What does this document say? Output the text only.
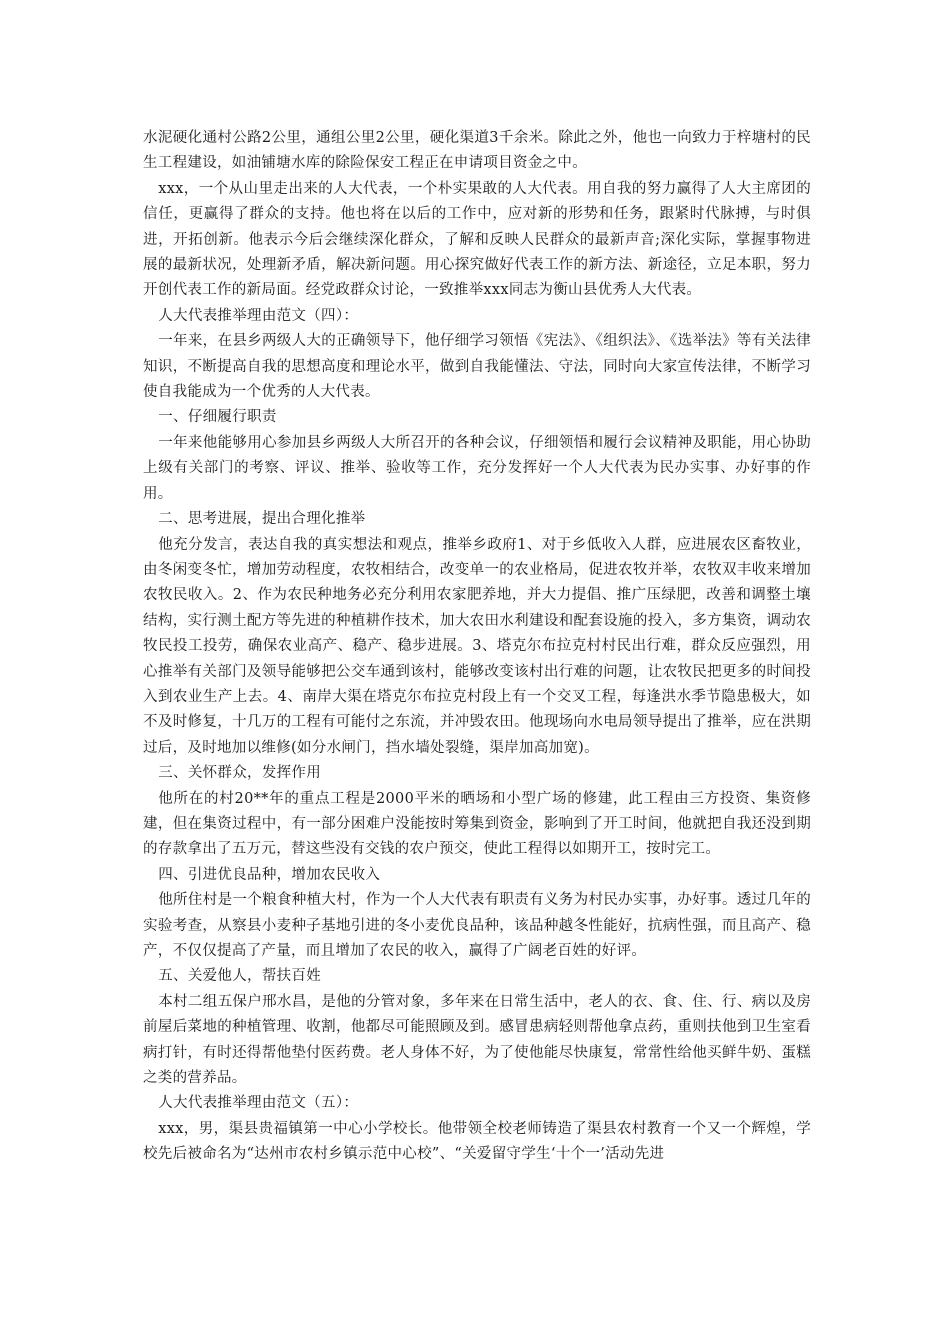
水泥硬化通村公路2公里，通组公里2公里，硬化渠道3千余米。除此之外，他也一向致力于梓塘村的民生工程建设，如油铺塘水库的除险保安工程正在申请项目资金之中。

xxx，一个从山里走出来的人大代表，一个朴实果敢的人大代表。用自我的努力赢得了人大主席团的信任，更赢得了群众的支持。他也将在以后的工作中，应对新的形势和任务，跟紧时代脉搏，与时俱进，开拓创新。他表示今后会继续深化群众，了解和反映人民群众的最新声音;深化实际，掌握事物进展的最新状况，处理新矛盾，解决新问题。用心探究做好代表工作的新方法、新途径，立足本职，努力开创代表工作的新局面。经党政群众讨论，一致推举xxx同志为衡山县优秀人大代表。

人大代表推举理由范文（四）：

一年来，在县乡两级人大的正确领导下，他仔细学习领悟《宪法》、《组织法》、《选举法》等有关法律知识，不断提高自我的思想高度和理论水平，做到自我能懂法、守法，同时向大家宣传法律，不断学习使自我能成为一个优秀的人大代表。

一、仔细履行职责

一年来他能够用心参加县乡两级人大所召开的各种会议，仔细领悟和履行会议精神及职能，用心协助上级有关部门的考察、评议、推举、验收等工作，充分发挥好一个人大代表为民办实事、办好事的作用。

二、思考进展，提出合理化推举

他充分发言，表达自我的真实想法和观点，推举乡政府1、对于乡低收入人群，应进展农区畜牧业，由冬闲变冬忙，增加劳动程度，农牧相结合，改变单一的农业格局，促进农牧并举，农牧双丰收来增加农牧民收入。2、作为农民种地务必充分利用农家肥养地，并大力提倡、推广压绿肥，改善和调整土壤结构，实行测土配方等先进的种植耕作技术，加大农田水利建设和配套设施的投入，多方集资，调动农牧民投工投劳，确保农业高产、稳产、稳步进展。3、塔克尔布拉克村村民出行难，群众反应强烈，用心推举有关部门及领导能够把公交车通到该村，能够改变该村出行难的问题，让农牧民把更多的时间投入到农业生产上去。4、南岸大渠在塔克尔布拉克村段上有一个交叉工程，每逢洪水季节隐患极大，如不及时修复，十几万的工程有可能付之东流，并冲毁农田。他现场向水电局领导提出了推举，应在洪期过后，及时地加以维修(如分水闸门，挡水墙处裂缝，渠岸加高加宽)。

三、关怀群众，发挥作用

他所在的村20**年的重点工程是2000平米的晒场和小型广场的修建，此工程由三方投资、集资修建，但在集资过程中，有一部分困难户没能按时筹集到资金，影响到了开工时间，他就把自我还没到期的存款拿出了五万元，替这些没有交钱的农户预交，使此工程得以如期开工，按时完工。

四、引进优良品种，增加农民收入

他所住村是一个粮食种植大村，作为一个人大代表有职责有义务为村民办实事，办好事。透过几年的实验考查，从察县小麦种子基地引进的冬小麦优良品种，该品种越冬性能好，抗病性强，而且高产、稳产，不仅仅提高了产量，而且增加了农民的收入，赢得了广阔老百姓的好评。

五、关爱他人，帮扶百姓

本村二组五保户邢水昌，是他的分管对象，多年来在日常生活中，老人的衣、食、住、行、病以及房前屋后菜地的种植管理、收割，他都尽可能照顾及到。感冒患病轻则帮他拿点药，重则扶他到卫生室看病打针，有时还得帮他垫付医药费。老人身体不好，为了使他能尽快康复，常常性给他买鲜牛奶、蛋糕之类的营养品。

人大代表推举理由范文（五）：

xxx，男，渠县贵福镇第一中心小学校长。他带领全校老师铸造了渠县农村教育一个又一个辉煌，学校先后被命名为“达州市农村乡镇示范中心校”、“关爱留守学生‘十个一’活动先进
